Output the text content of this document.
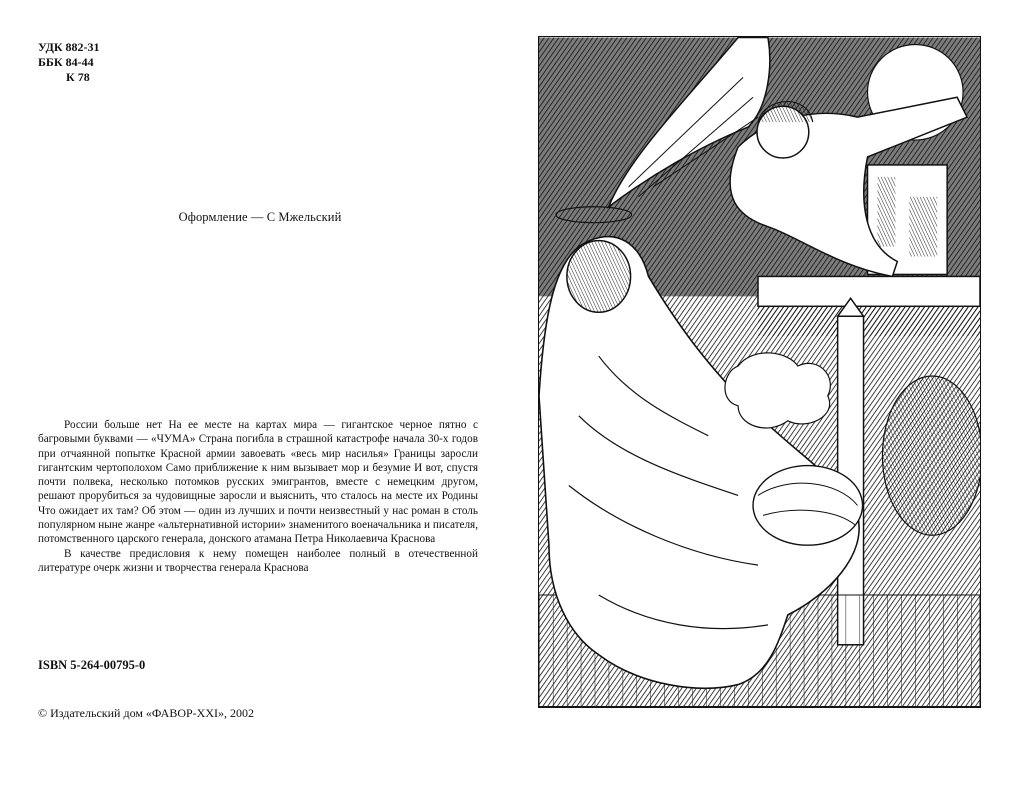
УДК 882-31
ББК 84-44
К 78
Оформление — С Мжельский

России больше нет На ее месте на картах мира — гигантское черное пятно с багровыми буквами — «ЧУМА» Страна погибла в страшной катастрофе начала 30-х годов при отчаянной попытке Красной армии завоевать «весь мир насилья» Границы заросли гигантским чертополохом Само приближение к ним вызывает мор и безумие И вот, спустя почти полвека, несколько потомков русских эмигрантов, вместе с немецким другом, решают прорубиться за чудовищные заросли и выяснить, что сталось на месте их Родины Что ожидает их там? Об этом — один из лучших и почти неизвестный у нас роман в столь популярном ныне жанре «альтернативной истории» знаменитого военачальника и писателя, потомственного царского генерала, донского атамана Петра Николаевича Краснова

В качестве предисловия к нему помещен наиболее полный в отечественной литературе очерк жизни и творчества генерала Краснова

ISBN 5-264-00795-0
© Издательский дом «ФАВОР-XXI», 2002
